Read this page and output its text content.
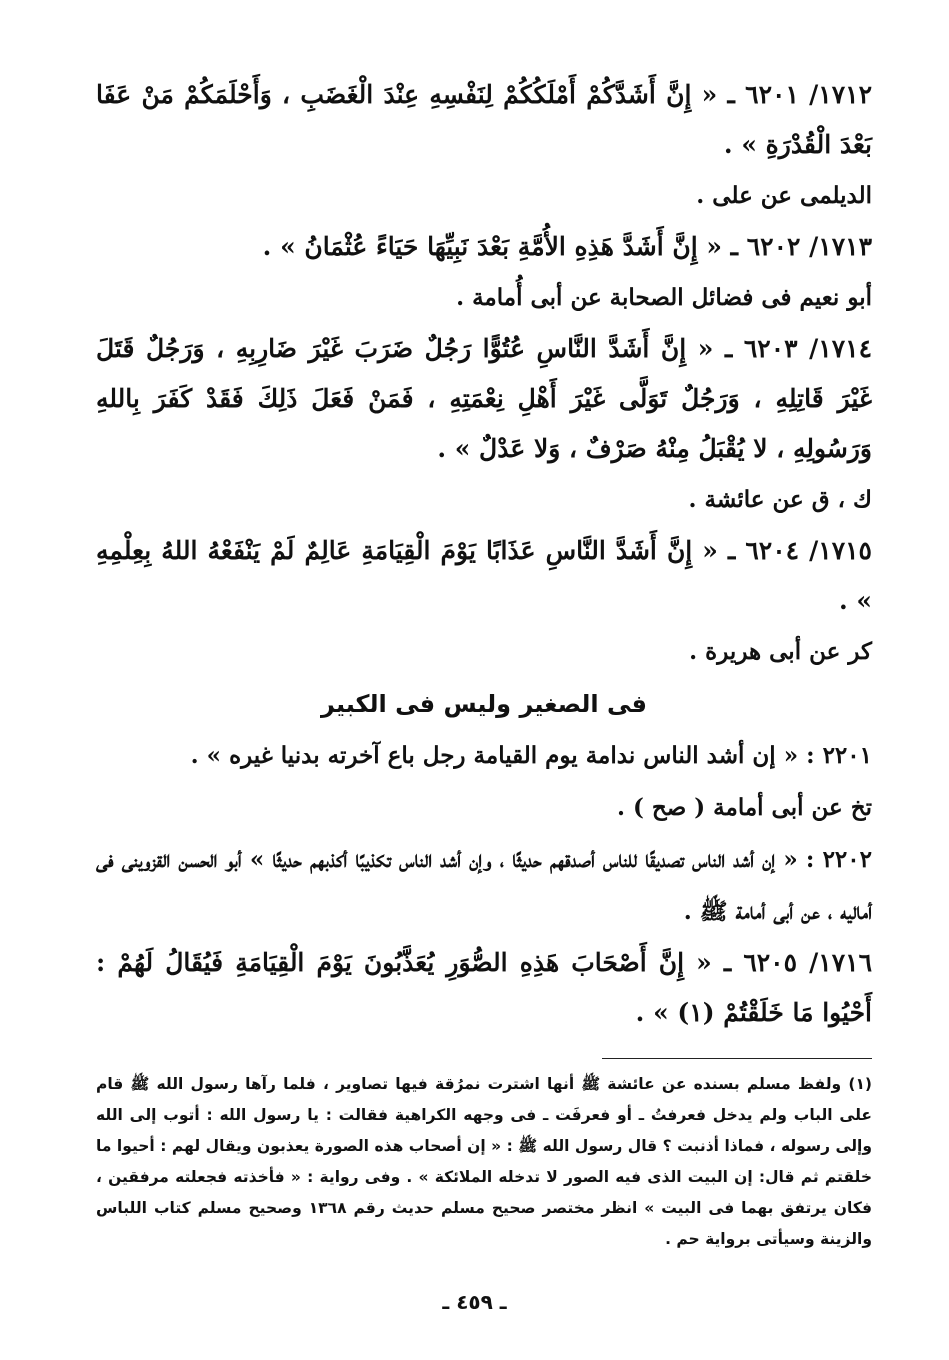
١٧١٢/ ٦٢٠١ ـ « إِنَّ أَشَدَّكُمْ أَمْلَكُكُمْ لِنَفْسِهِ عِنْدَ الْغَضَبِ ، وَأَحْلَمَكُمْ مَنْ عَفَا بَعْدَ الْقُدْرَةِ » .

الديلمى عن على .

١٧١٣/ ٦٢٠٢ ـ « إِنَّ أَشَدَّ هَذِهِ الأُمَّةِ بَعْدَ نَبِيِّهَا حَيَاءً عُثْمَانُ » .

أبو نعيم فى فضائل الصحابة عن أبى أُمامة .

١٧١٤/ ٦٢٠٣ ـ « إِنَّ أَشَدَّ النَّاسِ عُتُوًّا رَجُلٌ ضَرَبَ غَيْرَ ضَارِبِهِ ، وَرَجُلٌ قَتَلَ غَيْرَ قَاتِلِهِ ، وَرَجُلٌ تَوَلَّى غَيْرَ أَهْلِ نِعْمَتِهِ ، فَمَنْ فَعَلَ ذَلِكَ فَقَدْ كَفَرَ بِاللهِ وَرَسُولِهِ ، لا يُقْبَلُ مِنْهُ صَرْفٌ ، وَلا عَدْلٌ » .

ك ، ق عن عائشة .

١٧١٥/ ٦٢٠٤ ـ « إِنَّ أَشَدَّ النَّاسِ عَذَابًا يَوْمَ الْقِيَامَةِ عَالِمٌ لَمْ يَنْفَعْهُ اللهُ بِعِلْمِهِ » .

كر عن أبى هريرة .

فى الصغير وليس فى الكبير

٢٢٠١ : « إن أشد الناس ندامة يوم القيامة رجل باع آخرته بدنيا غيره » .

تخ عن أبى أمامة ( صح ) .

٢٢٠٢ : « إن أشد الناس تصديقًا للناس أصدقهم حديثًا ، وإن أشد الناس تكذيبًا أكذبهم حديثًا » أبو الحسن القزوينى فى أماليه ، عن أبى أمامة ﷺ .

١٧١٦/ ٦٢٠٥ ـ « إِنَّ أَصْحَابَ هَذِهِ الصُّوَرِ يُعَذَّبُونَ يَوْمَ الْقِيَامَةِ فَيُقَالُ لَهُمْ : أَحْيُوا مَا خَلَقْتُمْ (١) » .

(١) ولفظ مسلم بسنده عن عائشة ﷺ أنها اشترت نمرُقة فيها تصاوير ، فلما رآها رسول الله ﷺ قام على الباب ولم يدخل فعرفتُ ـ أو فعرفَت ـ فى وجهه الكراهية فقالت : يا رسول الله : أتوب إلى الله وإلى رسوله ، فماذا أذنبت ؟ قال رسول الله ﷺ : « إن أصحاب هذه الصورة يعذبون ويقال لهم : أحيوا ما خلقتم ثم قال: إن البيت الذى فيه الصور لا تدخله الملائكة » . وفى رواية : « فأخذته فجعلته مرفقين ، فكان يرتفق بهما فى البيت » انظر مختصر صحيح مسلم حديث رقم ١٣٦٨ وصحيح مسلم كتاب اللباس والزينة وسيأتى برواية حم .
ـ ٤٥٩ ـ
